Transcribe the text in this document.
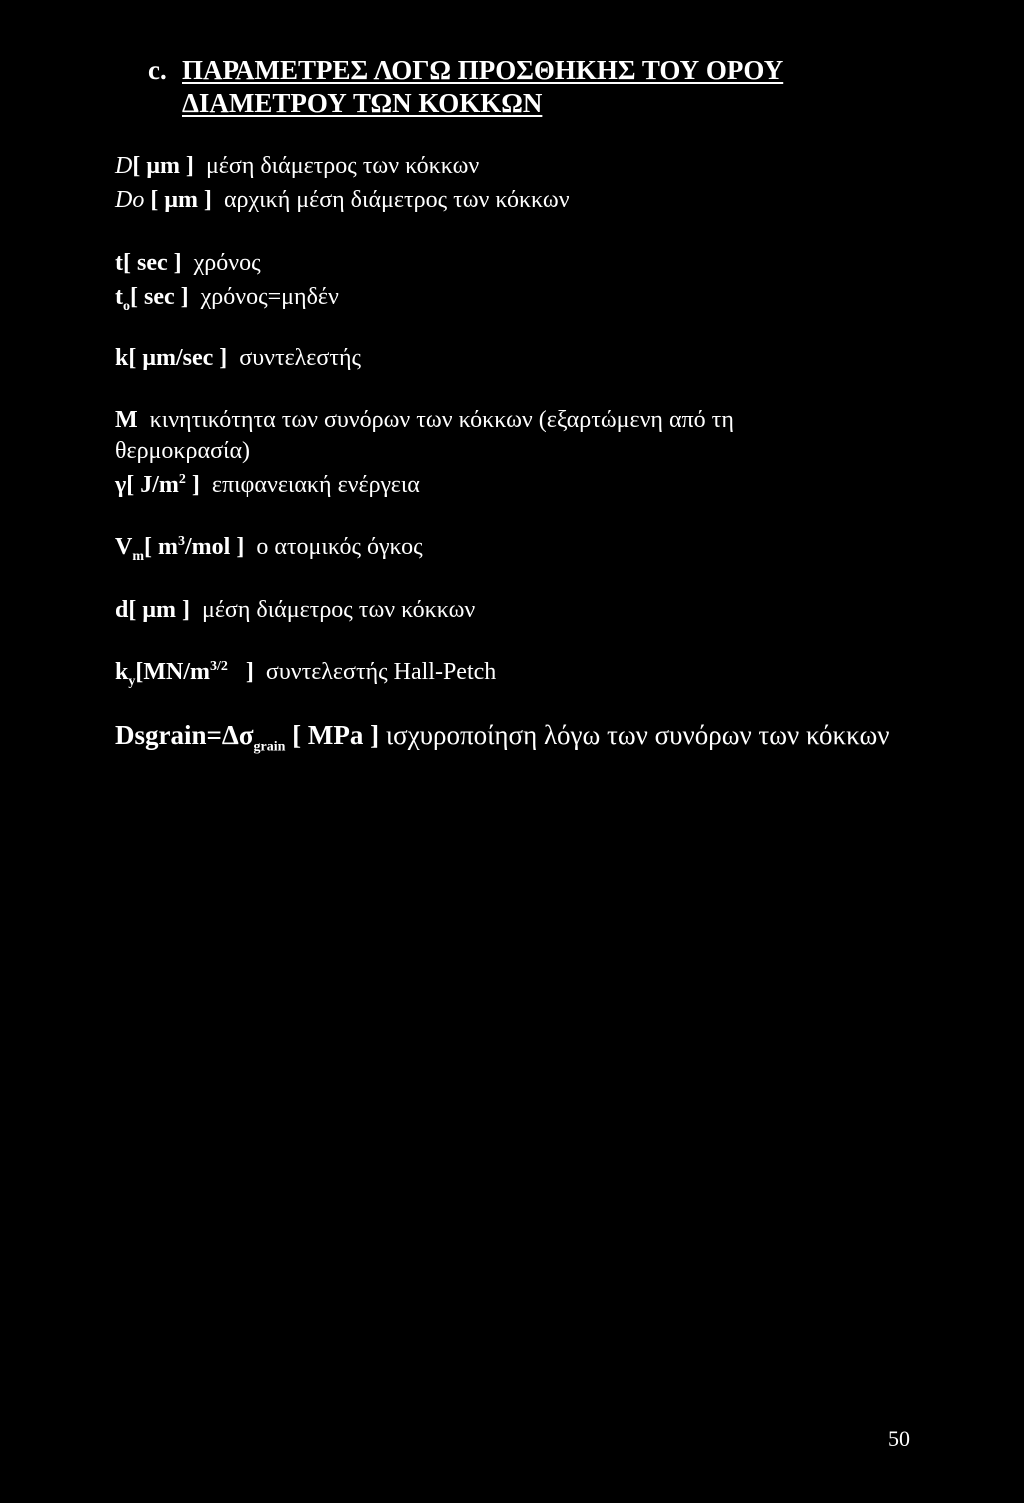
c. ΠΑΡΑΜΕΤΡΕΣ ΛΟΓΩ ΠΡΟΣΘΗΚΗΣ ΤΟΥ ΟΡΟΥ
ΔΙΑΜΕΤΡΟΥ ΤΩΝ ΚΟΚΚΩΝ
D[ μm ] μέση διάμετρος των κόκκων
Do [ μm ] αρχική μέση διάμετρος των κόκκων
t[ sec ] χρόνος
$t_o$[ sec ] χρόνος=μηδέν
k[ μm/sec ] συντελεστής
M κινητικότητα των συνόρων των κόκκων (εξαρτώμενη από τη
θερμοκρασία)
γ[ $J/m^2$ ] επιφανειακή ενέργεια
$V_m$[ $m^3$/mol ] ο ατομικός όγκος
d[ μm ] μέση διάμετρος των κόκκων
$k_y[MN/m^{3/2}$   ] συντελεστής Hall-Petch
$Dsgrain=\Delta\sigma_{grain}$ [ MPa ] ισχυροποίηση λόγω των συνόρων των κόκκων
50
